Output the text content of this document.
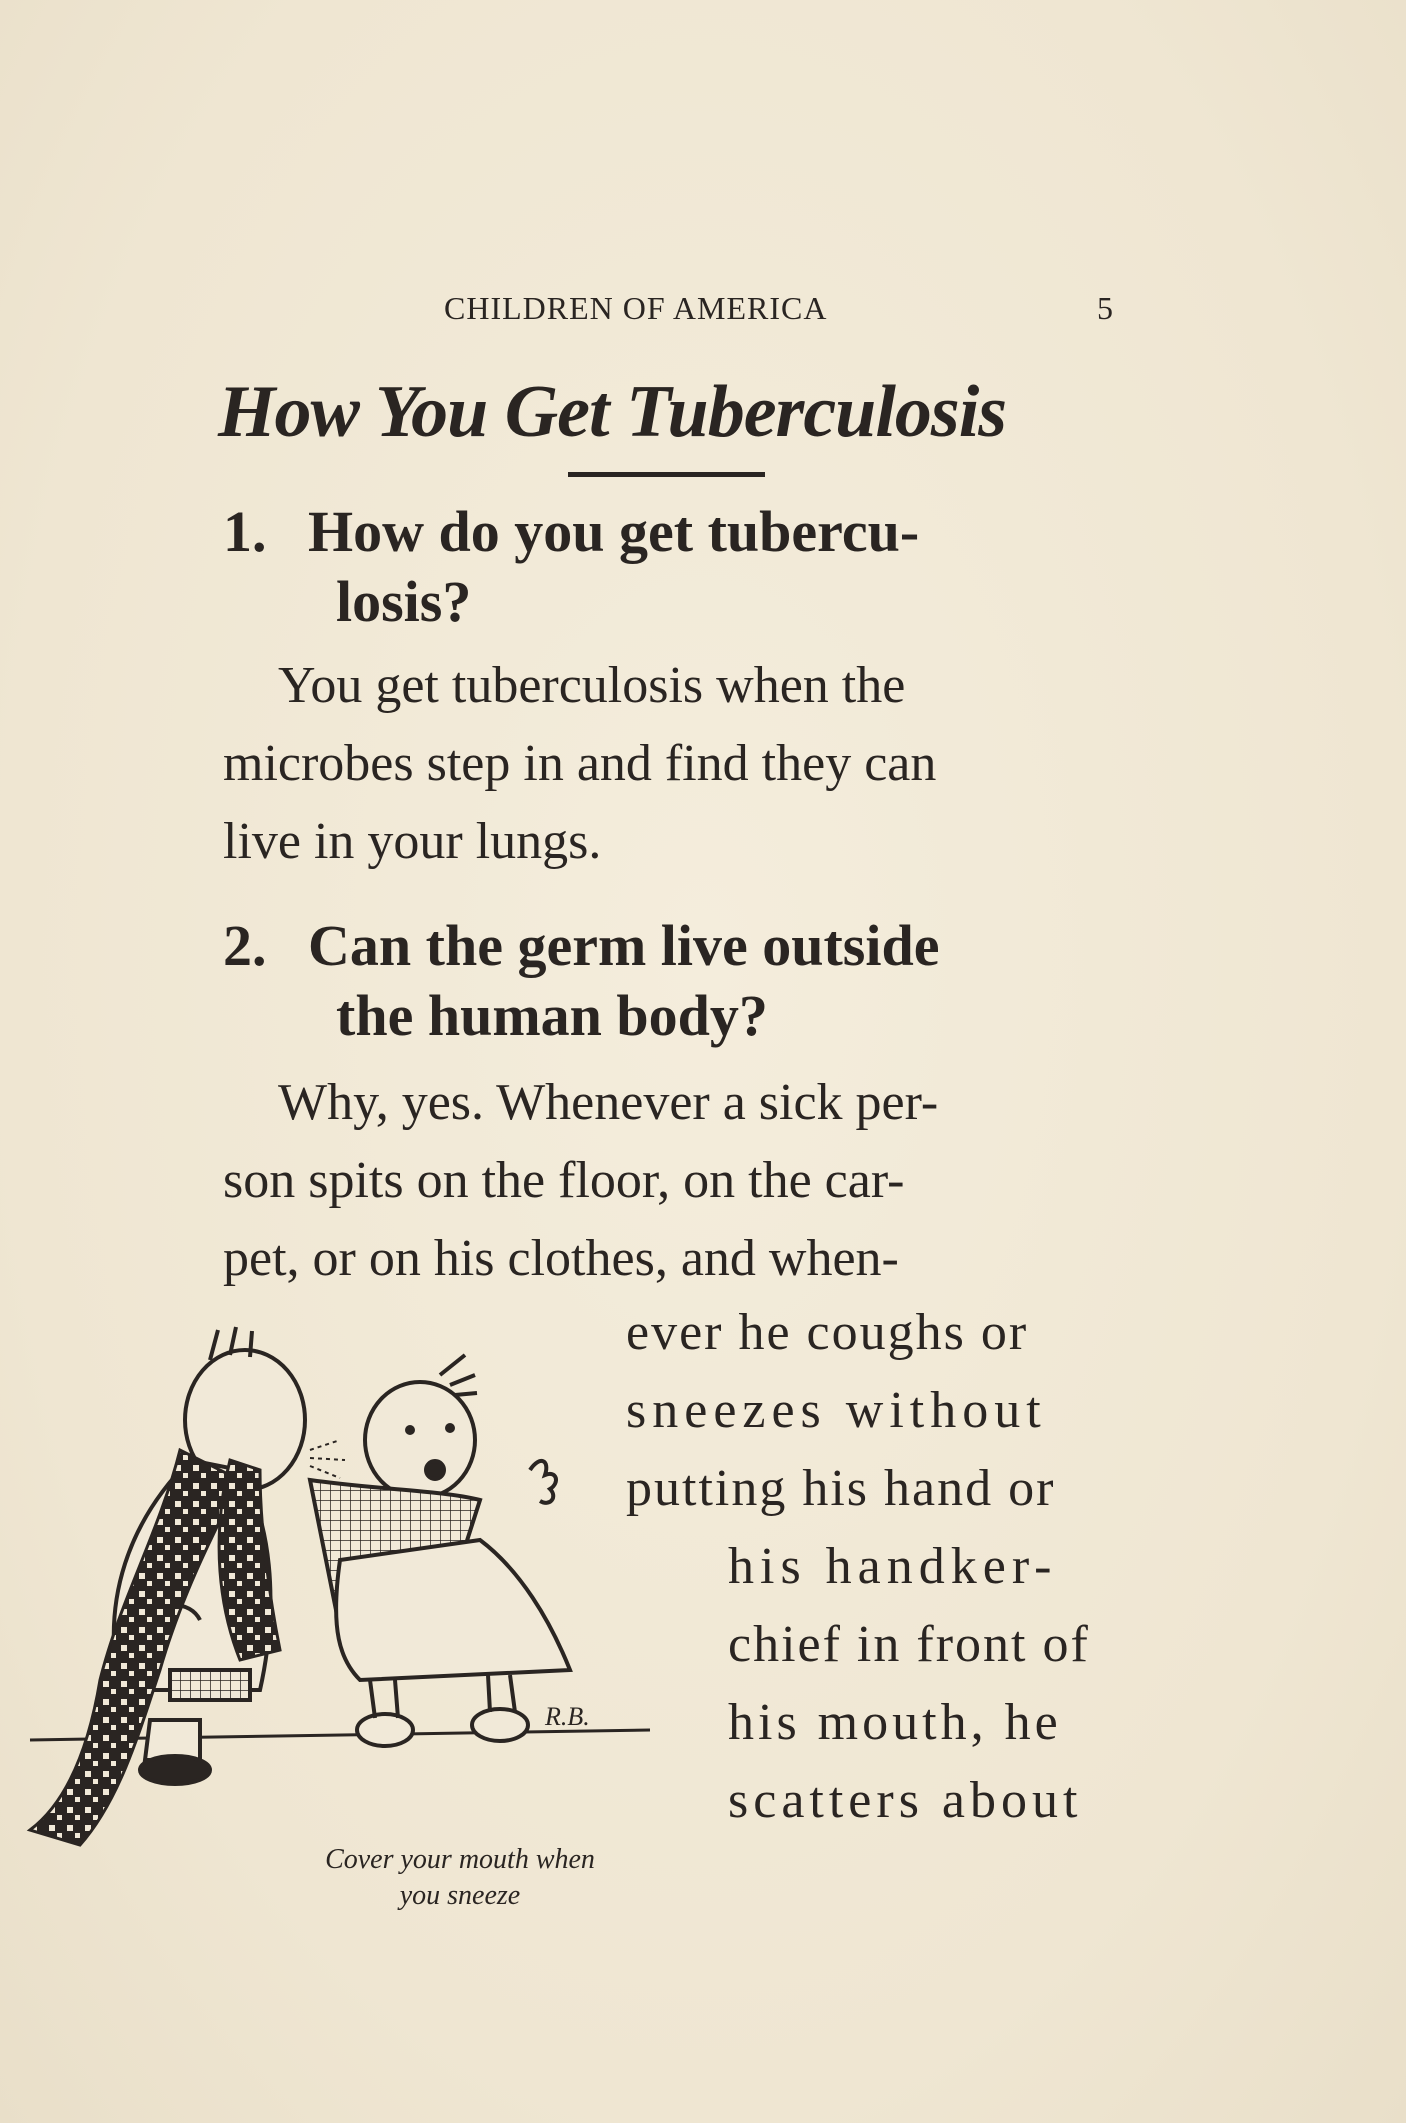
CHILDREN OF AMERICA	5
How You Get Tuberculosis
1. How do you get tubercu-
losis?
You get tuberculosis when the
microbes step in and find they can
live in your lungs.
2. Can the germ live outside
the human body?
Why, yes. Whenever a sick per-
son spits on the floor, on the car-
pet, or on his clothes, and when-
ever he coughs or
sneezes without
putting his hand or
his handker-
chief in front of
his mouth, he
scatters about
R.B.
Cover your mouth when
you sneeze
